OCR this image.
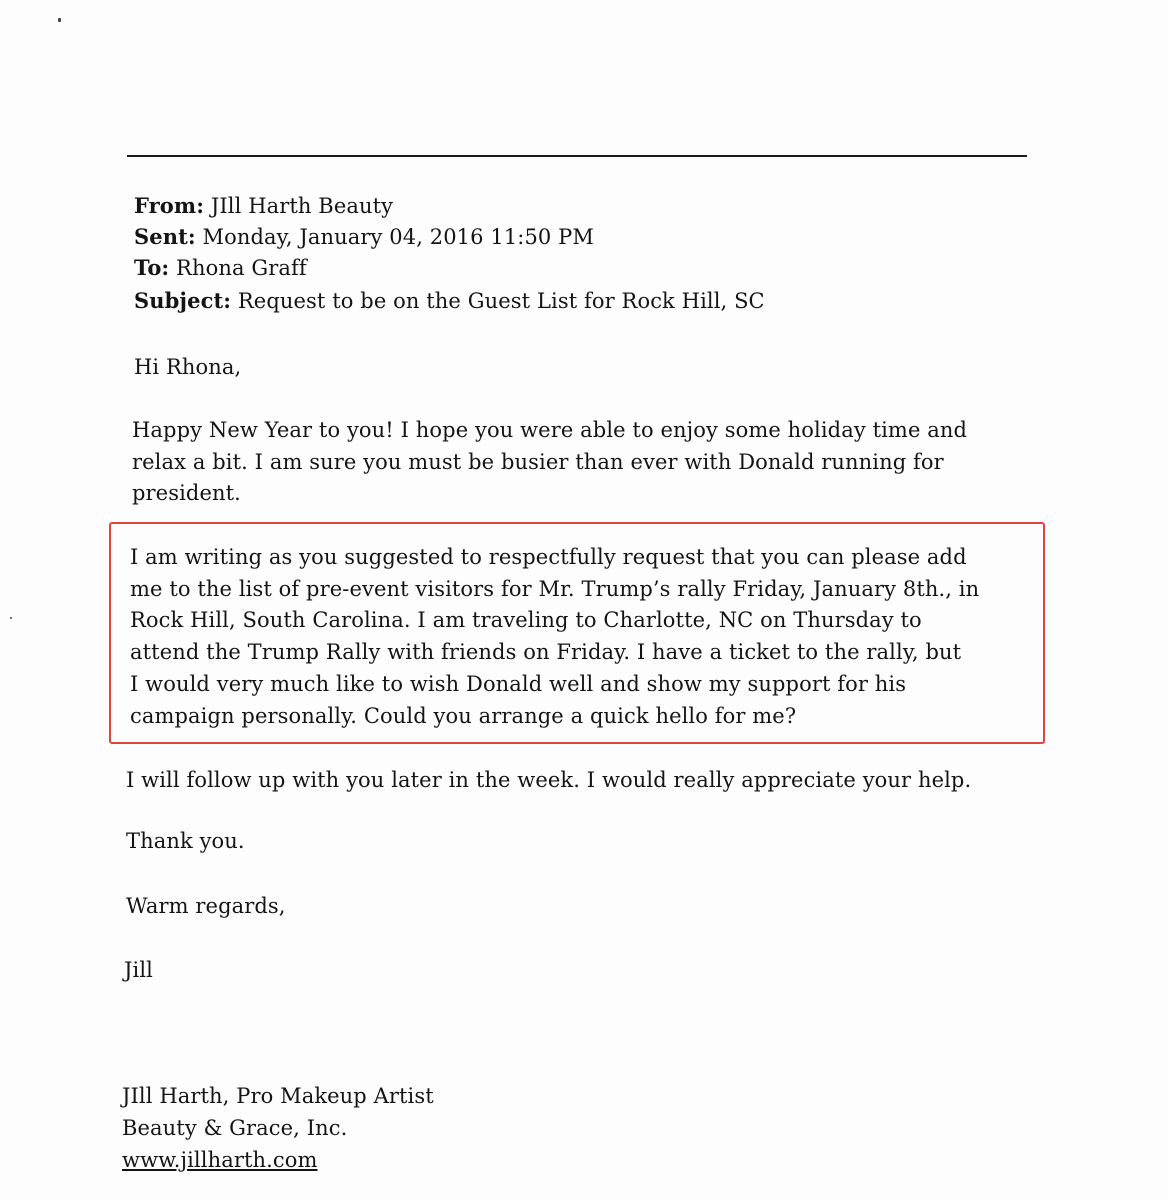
From: JIll Harth Beauty
Sent: Monday, January 04, 2016 11:50 PM
To: Rhona Graff
Subject: Request to be on the Guest List for Rock Hill, SC
Hi Rhona,
Happy New Year to you! I hope you were able to enjoy some holiday time and
relax a bit. I am sure you must be busier than ever with Donald running for
president.
I am writing as you suggested to respectfully request that you can please add
me to the list of pre-event visitors for Mr. Trump’s rally Friday, January 8th., in
Rock Hill, South Carolina. I am traveling to Charlotte, NC on Thursday to
attend the Trump Rally with friends on Friday. I have a ticket to the rally, but
I would very much like to wish Donald well and show my support for his
campaign personally. Could you arrange a quick hello for me?
I will follow up with you later in the week. I would really appreciate your help.
Thank you.
Warm regards,
Jill
JIll Harth, Pro Makeup Artist
Beauty & Grace, Inc.
www.jillharth.com
